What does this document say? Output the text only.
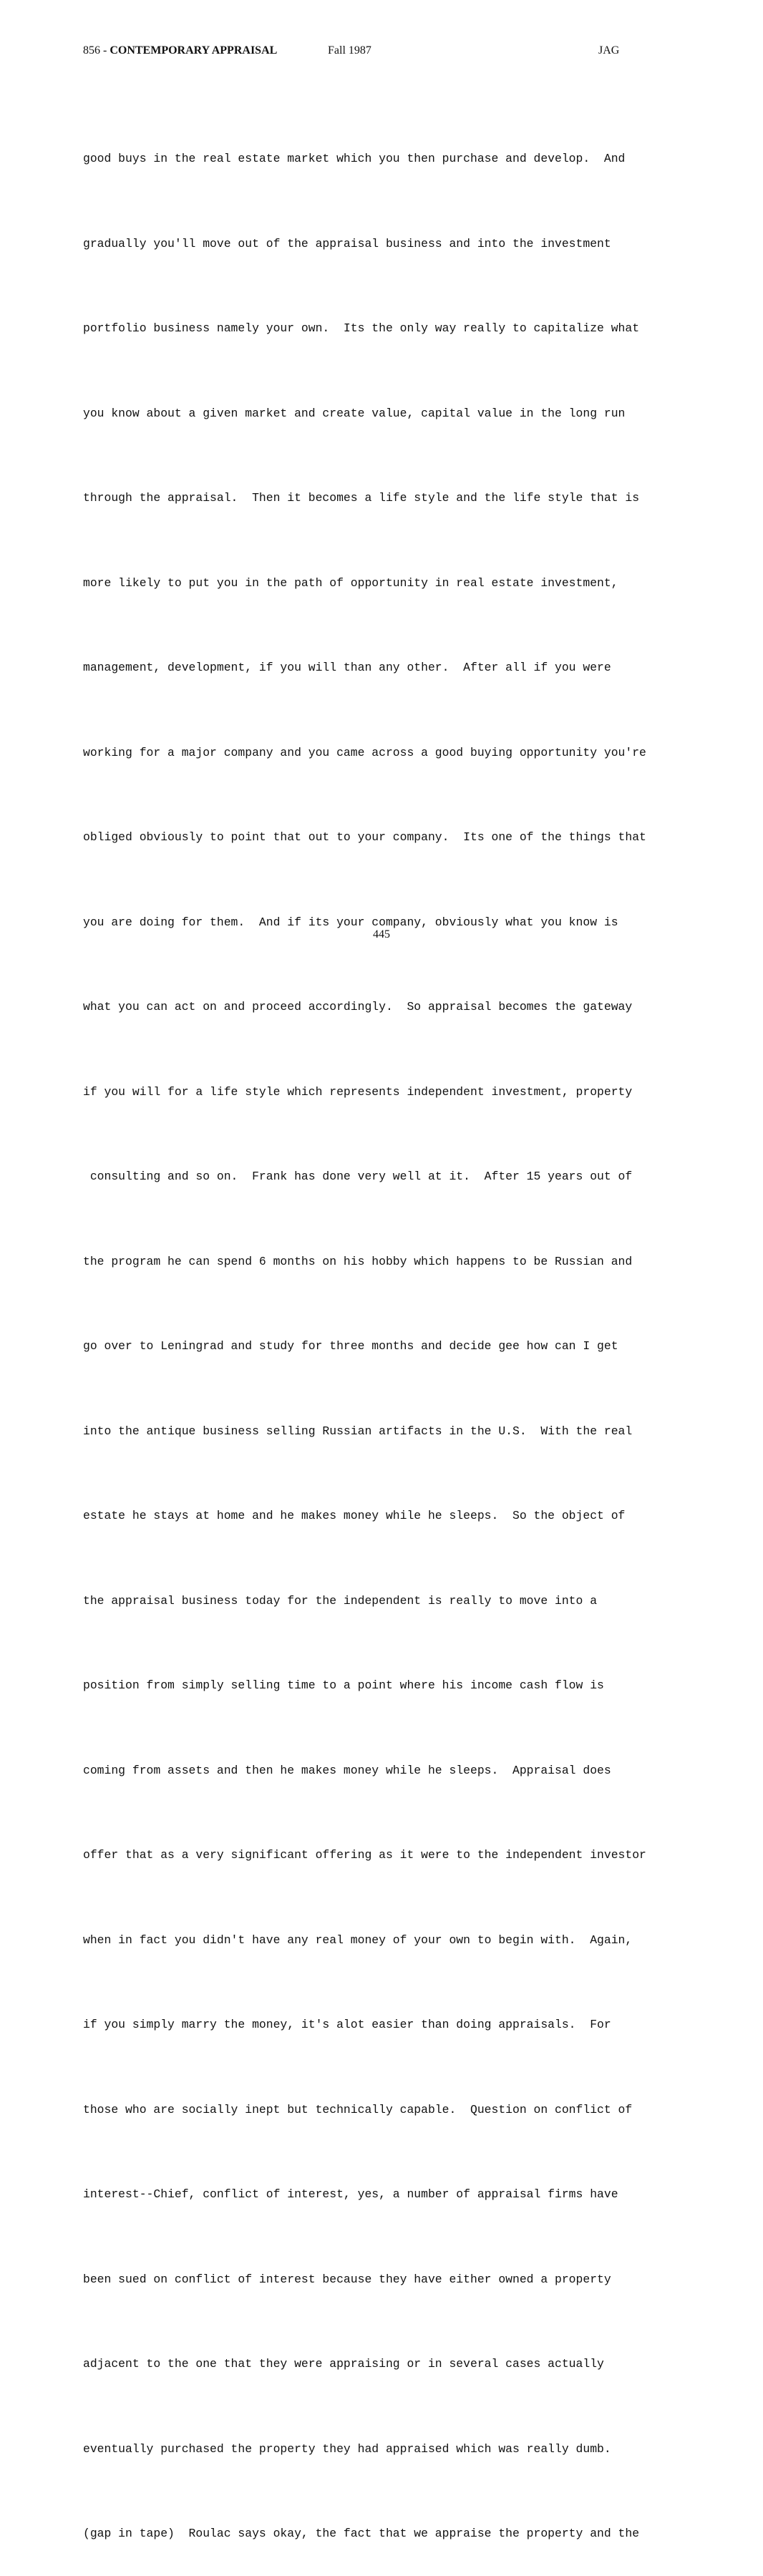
856 - CONTEMPORARY APPRAISAL	Fall 1987	JAG

good buys in the real estate market which you then purchase and develop.  And

gradually you'll move out of the appraisal business and into the investment

portfolio business namely your own.  Its the only way really to capitalize what

you know about a given market and create value, capital value in the long run

through the appraisal.  Then it becomes a life style and the life style that is

more likely to put you in the path of opportunity in real estate investment,

management, development, if you will than any other.  After all if you were

working for a major company and you came across a good buying opportunity you're

obliged obviously to point that out to your company.  Its one of the things that

you are doing for them.  And if its your company, obviously what you know is

what you can act on and proceed accordingly.  So appraisal becomes the gateway

if you will for a life style which represents independent investment, property

consulting and so on.  Frank has done very well at it.  After 15 years out of

the program he can spend 6 months on his hobby which happens to be Russian and

go over to Leningrad and study for three months and decide gee how can I get

into the antique business selling Russian artifacts in the U.S.  With the real

estate he stays at home and he makes money while he sleeps.  So the object of

the appraisal business today for the independent is really to move into a

position from simply selling time to a point where his income cash flow is

coming from assets and then he makes money while he sleeps.  Appraisal does

offer that as a very significant offering as it were to the independent investor

when in fact you didn't have any real money of your own to begin with.  Again,

if you simply marry the money, it's alot easier than doing appraisals.  For

those who are socially inept but technically capable.  Question on conflict of

interest--Chief, conflict of interest, yes, a number of appraisal firms have

been sued on conflict of interest because they have either owned a property

adjacent to the one that they were appraising or in several cases actually

eventually purchased the property they had appraised which was really dumb.

(gap in tape)  Roulac says okay, the fact that we appraise the property and the

445
